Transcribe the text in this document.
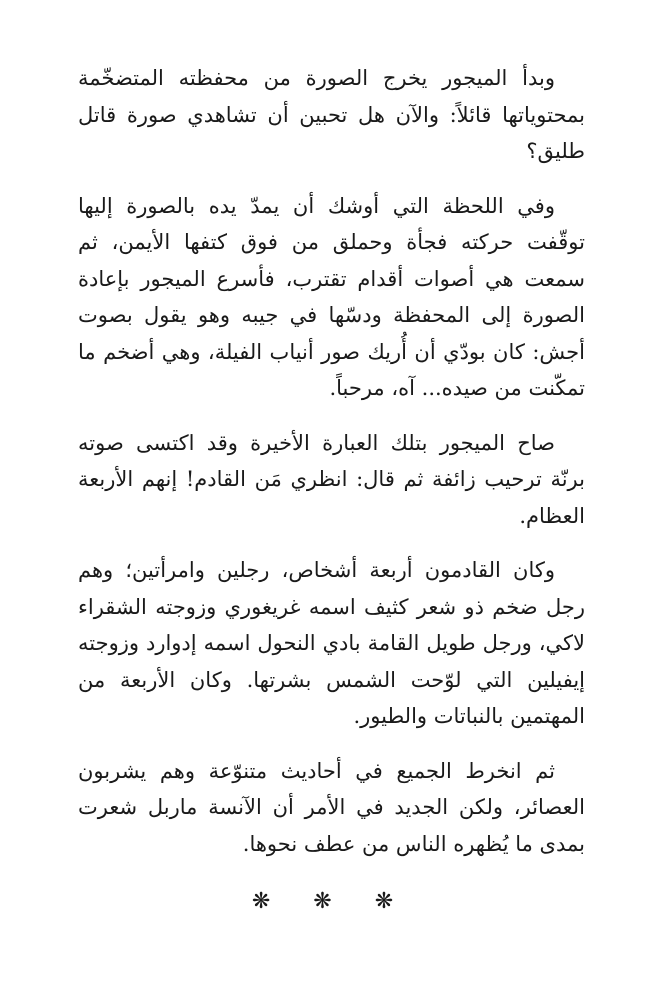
وبدأ الميجور يخرج الصورة من محفظته المتضخّمة بمحتوياتها قائلاً: والآن هل تحبين أن تشاهدي صورة قاتل طليق؟

وفي اللحظة التي أوشك أن يمدّ يده بالصورة إليها توقّفت حركته فجأة وحملق من فوق كتفها الأيمن، ثم سمعت هي أصوات أقدام تقترب، فأسرع الميجور بإعادة الصورة إلى المحفظة ودسّها في جيبه وهو يقول بصوت أجش: كان بودّي أن أُريك صور أنياب الفيلة، وهي أضخم ما تمكّنت من صيده... آه، مرحباً.

صاح الميجور بتلك العبارة الأخيرة وقد اكتسى صوته برنّة ترحيب زائفة ثم قال: انظري مَن القادم! إنهم الأربعة العظام.

وكان القادمون أربعة أشخاص، رجلين وامرأتين؛ وهم رجل ضخم ذو شعر كثيف اسمه غريغوري وزوجته الشقراء لاكي، ورجل طويل القامة بادي النحول اسمه إدوارد وزوجته إيفيلين التي لوّحت الشمس بشرتها. وكان الأربعة من المهتمين بالنباتات والطيور.

ثم انخرط الجميع في أحاديث متنوّعة وهم يشربون العصائر، ولكن الجديد في الأمر أن الآنسة ماربل شعرت بمدى ما يُظهره الناس من عطف نحوها.

❋ ❋ ❋
